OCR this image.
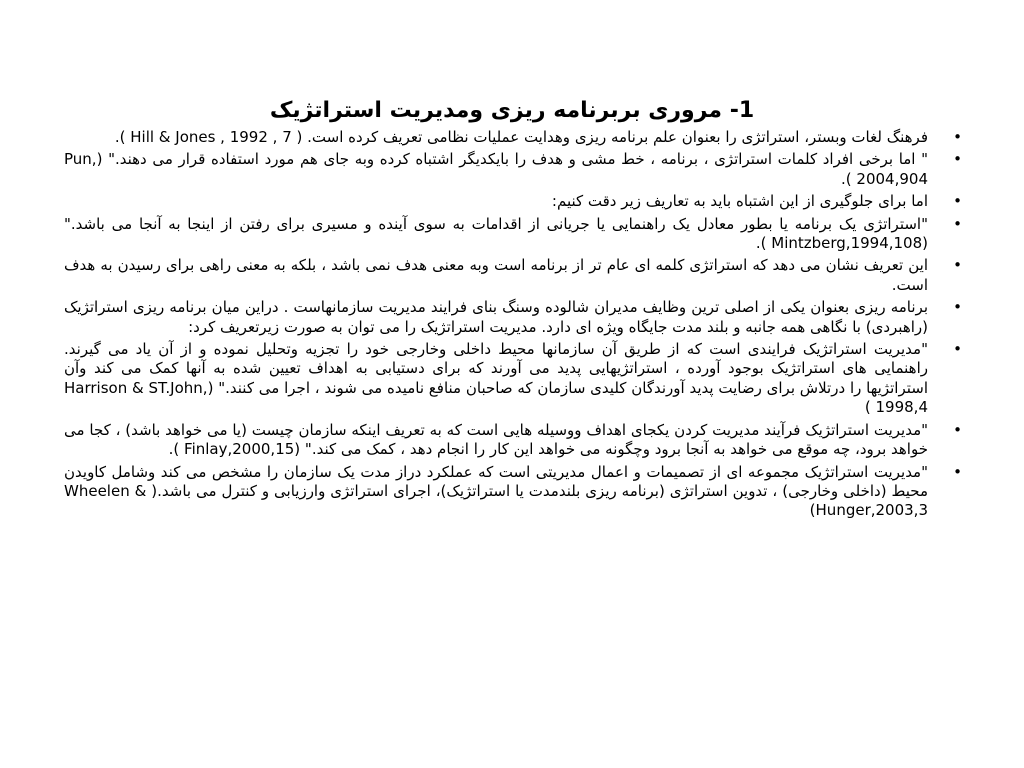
1- مروری بربرنامه ریزی ومدیریت استراتژیک
•
فرهنگ لغات وبستر، استراتژی را بعنوان علم برنامه ریزی وهدایت عملیات نظامی تعریف کرده است. ( Hill & Jones , 1992 , 7 ).
•
" اما برخی افراد کلمات استراتژی ، برنامه ، خط مشی و هدف را بایکدیگر اشتباه کرده وبه جای هم مورد استفاده قرار می دهند." (Pun, 2004,904 ).
•
اما برای جلوگیری از این اشتباه باید به تعاریف زیر دقت کنیم:
•
"استراتژی یک برنامه یا بطور معادل یک راهنمایی یا جریانی از اقدامات به سوی آینده و مسیری برای رفتن از اینجا به آنجا می باشد." (Mintzberg,1994,108 ).
•
این تعریف نشان می دهد که استراتژی کلمه ای عام تر از برنامه است وبه معنی هدف نمی باشد ، بلکه به معنی راهی برای رسیدن به هدف است.
•
برنامه ریزی بعنوان یکی از اصلی ترین وظایف مدیران شالوده وسنگ بنای فرایند مدیریت سازمانهاست . دراین میان برنامه ریزی استراتژیک (راهبردی) با نگاهی همه جانبه و بلند مدت جایگاه ویژه ای دارد. مدیریت استراتژیک را می توان به صورت زیرتعریف کرد:
•
"مدیریت استراتژیک فرایندی است که از طریق آن سازمانها محیط داخلی وخارجی خود را تجزیه وتحلیل نموده و از آن یاد می گیرند. راهنمایی های استراتژیک بوجود آورده ، استراتژیهایی پدید می آورند که برای دستیابی به اهداف تعیین شده به آنها کمک می کند وآن استراتژیها را درتلاش برای رضایت پدید آورندگان کلیدی سازمان که صاحبان منافع نامیده می شوند ، اجرا می کنند." (Harrison & ST.John, 1998,4 )
•
"مدیریت استراتژیک فرآیند مدیریت کردن یکجای اهداف ووسیله هایی است که به تعریف اینکه سازمان چیست (یا می خواهد باشد) ، کجا می خواهد برود، چه موقع می خواهد به آنجا برود وچگونه می خواهد این کار را انجام دهد ، کمک می کند." (Finlay,2000,15 ).
•
"مدیریت استراتژیک مجموعه ای از تصمیمات و اعمال مدیریتی است که عملکرد دراز مدت یک سازمان را مشخص می کند وشامل کاویدن محیط (داخلی وخارجی) ، تدوین استراتژی (برنامه ریزی بلندمدت یا استراتژیک)، اجرای استراتژی وارزیابی و کنترل می باشد.( Wheelen & Hunger,2003,3)
